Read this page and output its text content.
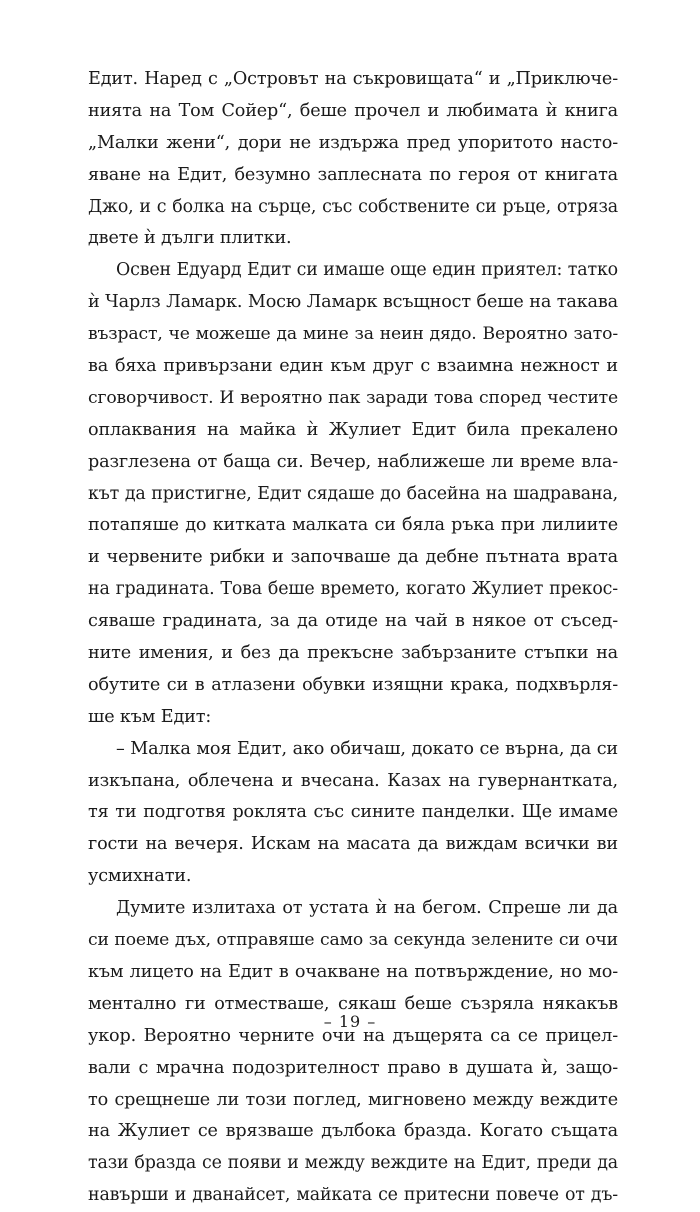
Едит. Наред с „Островът на съкровищата“ и „Приключе-
нията на Том Сойер“, беше прочел и любимата ѝ книга
„Малки жени“, дори не издържа пред упоритото насто-
яване на Едит, безумно заплесната по героя от книгата
Джо, и с болка на сърце, със собствените си ръце, отряза
двете ѝ дълги плитки.
Освен Едуард Едит си имаше още един приятел: татко
ѝ Чарлз Ламарк. Мосю Ламарк всъщност беше на такава
възраст, че можеше да мине за неин дядо. Вероятно зато-
ва бяха привързани един към друг с взаимна нежност и
сговорчивост. И вероятно пак заради това според честите
оплаквания на майка ѝ Жулиет Едит била прекалено
разглезена от баща си. Вечер, наближеше ли време вла-
кът да пристигне, Едит сядаше до басейна на шадравана,
потапяше до китката малката си бяла ръка при лилиите
и червените рибки и започваше да дебне пътната врата
на градината. Това беше времето, когато Жулиет прекос-
сяваше градината, за да отиде на чай в някое от съсед-
ните имения, и без да прекъсне забързаните стъпки на
обутите си в атлазени обувки изящни крака, подхвърля-
ше към Едит:
– Малка моя Едит, ако обичаш, докато се върна, да си
изкъпана, облечена и вчесана. Казах на гувернантката,
тя ти подготвя роклята със сините панделки. Ще имаме
гости на вечеря. Искам на масата да виждам всички ви
усмихнати.
Думите излитаха от устата ѝ на бегом. Спреше ли да
си поеме дъх, отправяше само за секунда зелените си очи
към лицето на Едит в очакване на потвърждение, но мо-
ментално ги отместваше, сякаш беше съзряла някакъв
укор. Вероятно черните очи на дъщерята са се прицел-
вали с мрачна подозрителност право в душата ѝ, защо-
то срещнеше ли този поглед, мигновено между веждите
на Жулиет се врязваше дълбока бразда. Когато същата
тази бразда се появи и между веждите на Едит, преди да
навърши и дванайсет, майката се притесни повече от дъ-
– 19 –
